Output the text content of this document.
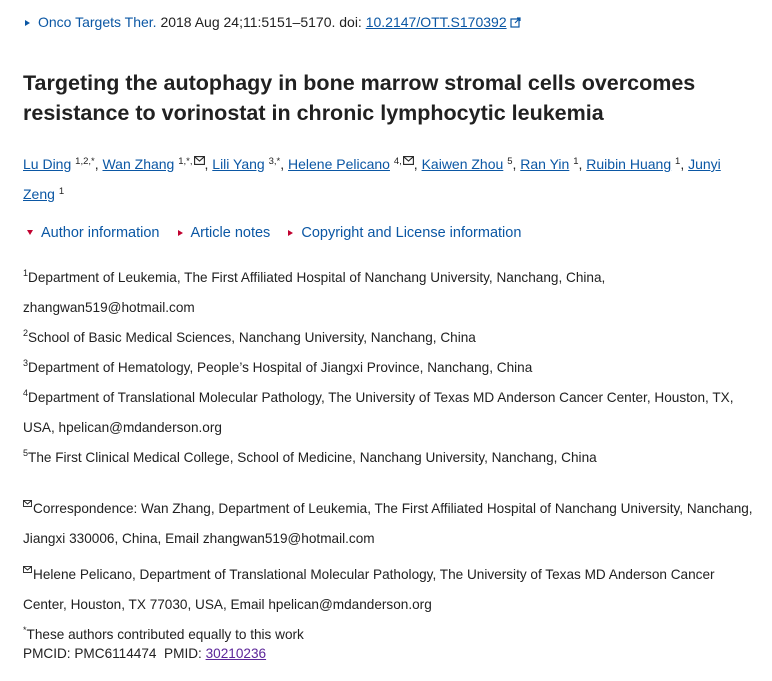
Onco Targets Ther. 2018 Aug 24;11:5151–5170. doi: 10.2147/OTT.S170392
Targeting the autophagy in bone marrow stromal cells overcomes resistance to vorinostat in chronic lymphocytic leukemia
Lu Ding $^{1,2,*}$, Wan Zhang $^{1,*,}$ , Lili Yang $^{3,*}$, Helene Pelicano $^{4,}$ , Kaiwen Zhou $^5$, Ran Yin $^1$, Ruibin Huang $^1$, Junyi Zeng $^1$
Author information Article notes Copyright and License information

$^1$Department of Leukemia, The First Affiliated Hospital of Nanchang University, Nanchang, China, zhangwan519@hotmail.com

$^2$School of Basic Medical Sciences, Nanchang University, Nanchang, China

$^3$Department of Hematology, People’s Hospital of Jiangxi Province, Nanchang, China

$^4$Department of Translational Molecular Pathology, The University of Texas MD Anderson Cancer Center, Houston, TX, USA, hpelican@mdanderson.org

$^5$The First Clinical Medical College, School of Medicine, Nanchang University, Nanchang, China

Correspondence: Wan Zhang, Department of Leukemia, The First Affiliated Hospital of Nanchang University, Nanchang, Jiangxi 330006, China, Email zhangwan519@hotmail.com

Helene Pelicano, Department of Translational Molecular Pathology, The University of Texas MD Anderson Cancer Center, Houston, TX 77030, USA, Email hpelican@mdanderson.org

*These authors contributed equally to this work

PMCID: PMC6114474 PMID: 30210236
